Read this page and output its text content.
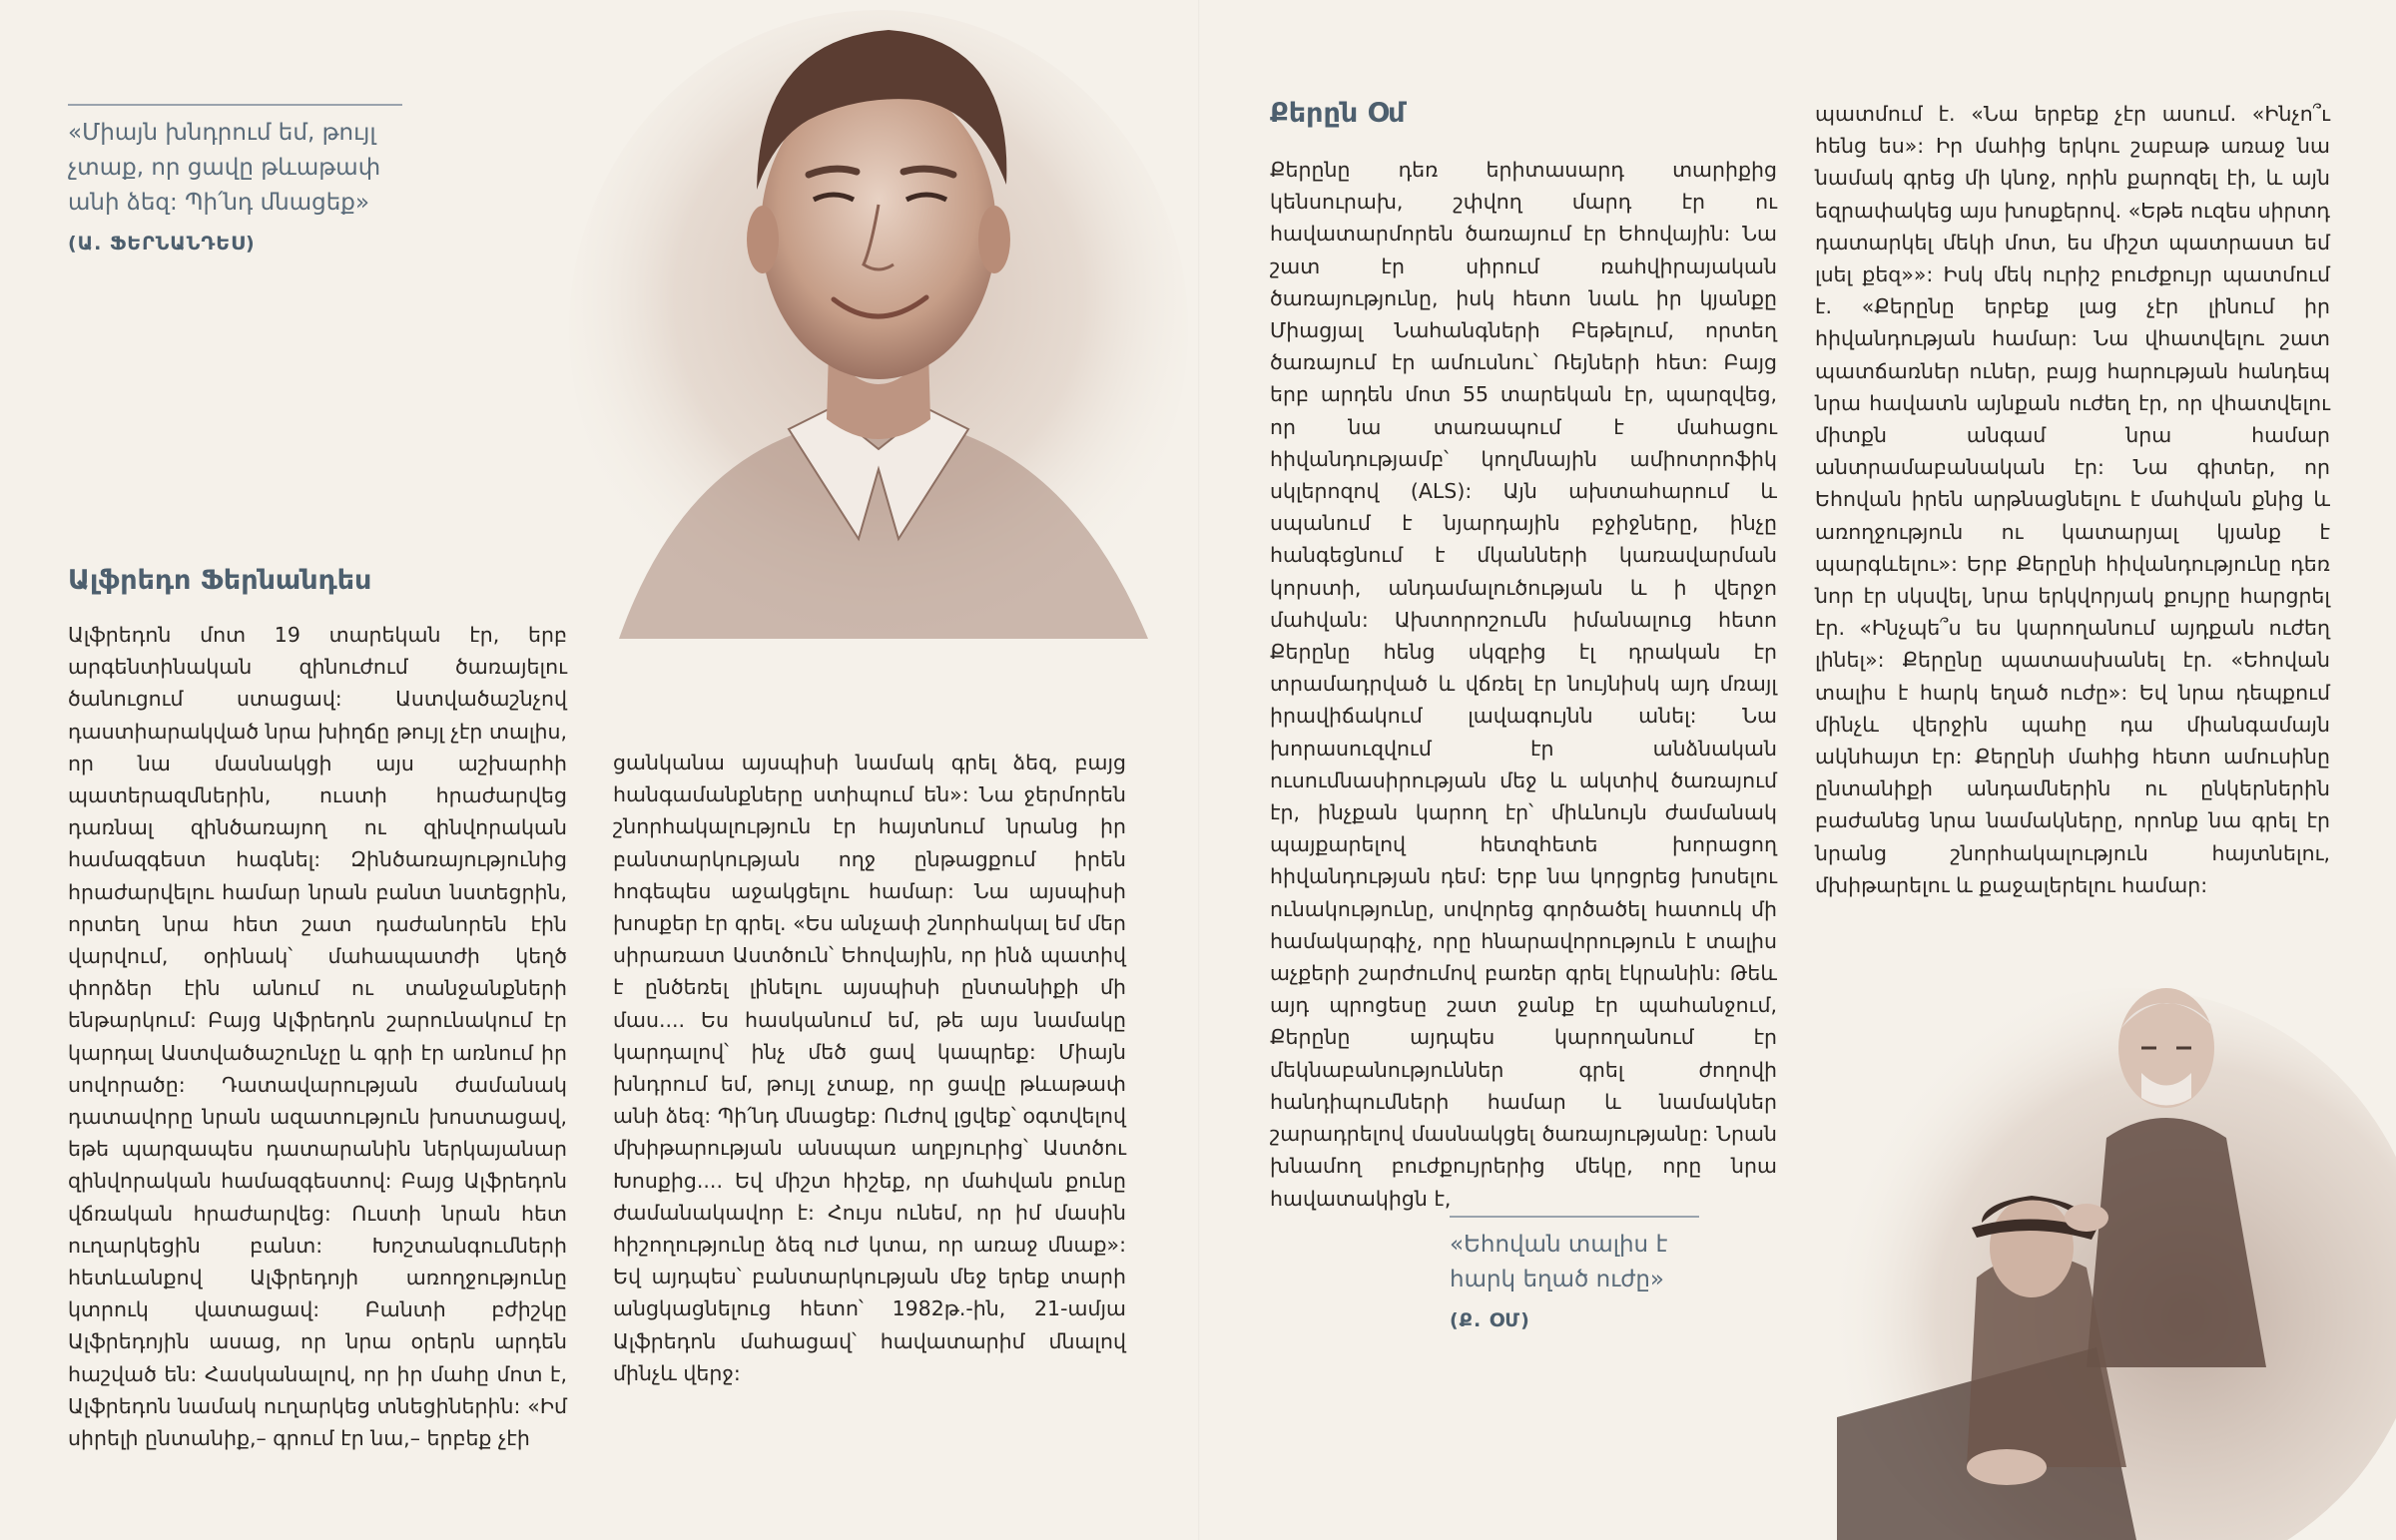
«Միայն խնդրում եմ, թույլ չտաք, որ ցավը թևաթափ անի ձեզ: Պի՛նդ մնացեք»
(Ա. ՖԵՐՆԱՆԴԵՍ)
Ալֆրեդո Ֆերնանդես

Ալֆրեդոն մոտ 19 տարեկան էր, երբ արգենտինական զինուժում ծառայելու ծանուցում ստացավ: Աստվածաշնչով դաստիարակված նրա խիղճը թույլ չէր տալիս, որ նա մասնակցի այս աշխարհի պատերազմներին, ուստի հրաժարվեց դառնալ զինծառայող ու զինվորական համազգեստ հագնել: Զինծառայությունից հրաժարվելու համար նրան բանտ նստեցրին, որտեղ նրա հետ շատ դաժանորեն էին վարվում, օրինակ՝ մահապատժի կեղծ փորձեր էին անում ու տանջանքների ենթարկում: Բայց Ալֆրեդոն շարունակում էր կարդալ Աստվածաշունչը և գրի էր առնում իր սովորածը: Դատավարության ժամանակ դատավորը նրան ազատություն խոստացավ, եթե պարզապես դատարանին ներկայանար զինվորական համազգեստով: Բայց Ալֆրեդոն վճռական հրաժարվեց: Ուստի նրան հետ ուղարկեցին բանտ: Խոշտանգումների հետևանքով Ալֆրեդոյի առողջությունը կտրուկ վատացավ: Բանտի բժիշկը Ալֆրեդոյին ասաց, որ նրա օրերն արդեն հաշված են: Հասկանալով, որ իր մահը մոտ է, Ալֆրեդոն նամակ ուղարկեց տնեցիներին: «Իմ սիրելի ընտանիք,– գրում էր նա,– երբեք չէի

ցանկանա այսպիսի նամակ գրել ձեզ, բայց հանգամանքները ստիպում են»: Նա ջերմորեն շնորհակալություն էր հայտնում նրանց իր բանտարկության ողջ ընթացքում իրեն հոգեպես աջակցելու համար: Նա այսպիսի խոսքեր էր գրել. «Ես անչափ շնորհակալ եմ մեր սիրառատ Աստծուն՝ Եհովային, որ ինձ պատիվ է ընծեռել լինելու այսպիսի ընտանիքի մի մաս.... Ես հասկանում եմ, թե այս նամակը կարդալով՝ ինչ մեծ ցավ կապրեք: Միայն խնդրում եմ, թույլ չտաք, որ ցավը թևաթափ անի ձեզ: Պի՛նդ մնացեք: Ուժով լցվեք՝ օգտվելով մխիթարության անսպառ աղբյուրից՝ Աստծու Խոսքից.... Եվ միշտ հիշեք, որ մահվան քունը ժամանակավոր է: Հույս ունեմ, որ իմ մասին հիշողությունը ձեզ ուժ կտա, որ առաջ մնաք»: Եվ այդպես՝ բանտարկության մեջ երեք տարի անցկացնելուց հետո՝ 1982թ.-ին, 21-ամյա Ալֆրեդոն մահացավ՝ հավատարիմ մնալով մինչև վերջ:

Քերըն Օմ

Քերընը դեռ երիտասարդ տարիքից կենսուրախ, շփվող մարդ էր ու հավատարմորեն ծառայում էր Եհովային: Նա շատ էր սիրում ռահվիրայական ծառայությունը, իսկ հետո նաև իր կյանքը Միացյալ Նահանգների Բեթելում, որտեղ ծառայում էր ամուսնու՝ Ռեյների հետ: Բայց երբ արդեն մոտ 55 տարեկան էր, պարզվեց, որ նա տառապում է մահացու հիվանդությամբ՝ կողմնային ամիոտրոֆիկ սկլերոզով (ALS): Այն ախտահարում և սպանում է նյարդային բջիջները, ինչը հանգեցնում է մկանների կառավարման կորստի, անդամալուծության և ի վերջո մահվան: Ախտորոշումն իմանալուց հետո Քերընը հենց սկզբից էլ դրական էր տրամադրված և վճռել էր նույնիսկ այդ մռայլ իրավիճակում լավագույնն անել: Նա խորասուզվում էր անձնական ուսումնասիրության մեջ և ակտիվ ծառայում էր, ինչքան կարող էր՝ միևնույն ժամանակ պայքարելով հետզհետե խորացող հիվանդության դեմ: Երբ նա կորցրեց խոսելու ունակությունը, սովորեց գործածել հատուկ մի համակարգիչ, որը հնարավորություն է տալիս աչքերի շարժումով բառեր գրել էկրանին: Թեև այդ պրոցեսը շատ ջանք էր պահանջում, Քերընը այդպես կարողանում էր մեկնաբանություններ գրել ժողովի հանդիպումների համար և նամակներ շարադրելով մասնակցել ծառայությանը: Նրան խնամող բուժքույրերից մեկը, որը նրա հավատակիցն է,

պատմում է. «Նա երբեք չէր ասում. «Ինչո՞ւ հենց ես»: Իր մահից երկու շաբաթ առաջ նա նամակ գրեց մի կնոջ, որին քարոզել էի, և այն եզրափակեց այս խոսքերով. «Եթե ուզես սիրտդ դատարկել մեկի մոտ, ես միշտ պատրաստ եմ լսել քեզ»»: Իսկ մեկ ուրիշ բուժքույր պատմում է. «Քերընը երբեք լաց չէր լինում իր հիվանդության համար: Նա վհատվելու շատ պատճառներ ուներ, բայց հարության հանդեպ նրա հավատն այնքան ուժեղ էր, որ վհատվելու միտքն անգամ նրա համար անտրամաբանական էր: Նա գիտեր, որ Եհովան իրեն արթնացնելու է մահվան քնից և առողջություն ու կատարյալ կյանք է պարգևելու»: Երբ Քերընի հիվանդությունը դեռ նոր էր սկսվել, նրա երկվորյակ քույրը հարցրել էր. «Ինչպե՞ս ես կարողանում այդքան ուժեղ լինել»: Քերընը պատասխանել էր. «Եհովան տալիս է հարկ եղած ուժը»: Եվ նրա դեպքում մինչև վերջին պահը դա միանգամայն ակնհայտ էր: Քերընի մահից հետո ամուսինը ընտանիքի անդամներին ու ընկերներին բաժանեց նրա նամակները, որոնք նա գրել էր նրանց շնորհակալություն հայտնելու, մխիթարելու և քաջալերելու համար:

«Եհովան տալիս է հարկ եղած ուժը»
(Ք. ՕՄ)
